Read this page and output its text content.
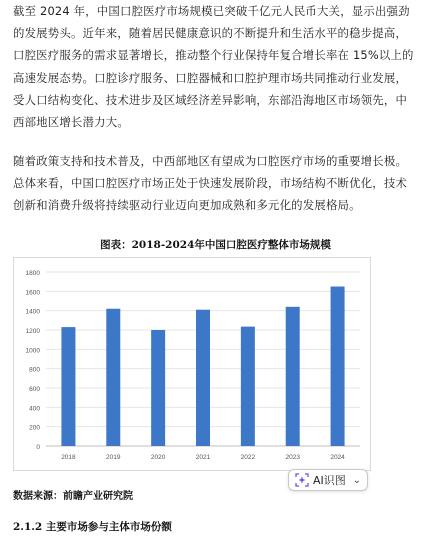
截至 2024 年，中国口腔医疗市场规模已突破千亿元人民币大关，显示出强劲
的发展势头。近年来，随着居民健康意识的不断提升和生活水平的稳步提高，
口腔医疗服务的需求显著增长，推动整个行业保持年复合增长率在 15%以上的
高速发展态势。口腔诊疗服务、口腔器械和口腔护理市场共同推动行业发展，
受人口结构变化、技术进步及区域经济差异影响，东部沿海地区市场领先，中
西部地区增长潜力大。

随着政策支持和技术普及，中西部地区有望成为口腔医疗市场的重要增长极。
总体来看，中国口腔医疗市场正处于快速发展阶段，市场结构不断优化，技术
创新和消费升级将持续驱动行业迈向更加成熟和多元化的发展格局。

图表：2018-2024年中国口腔医疗整体市场规模
0
200
400
600
800
1000
1200
1400
1600
1800
2018	2019	2020	2021	2022	2023	2024
AI识图 ⌄
数据来源：前瞻产业研究院
2.1.2 主要市场参与主体市场份额
